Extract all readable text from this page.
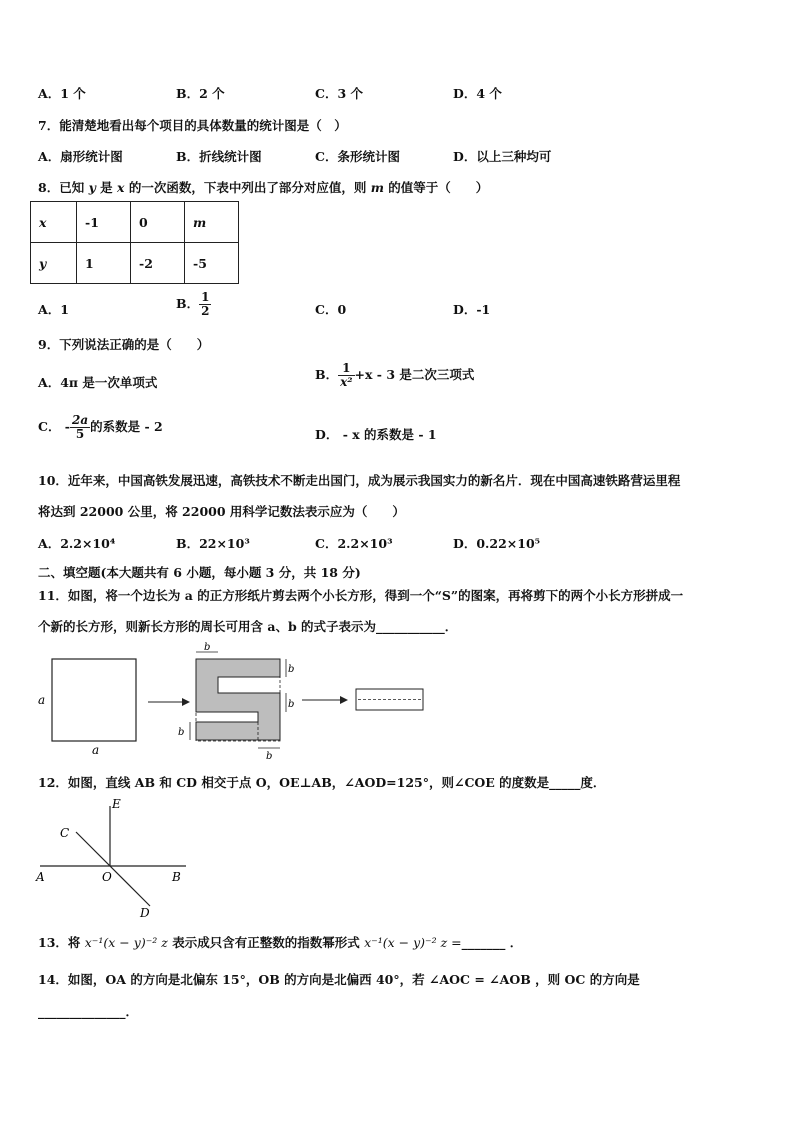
A．1 个	B．2 个	C．3 个	D．4 个
7．能清楚地看出每个项目的具体数量的统计图是（　）
A．扇形统计图	B．折线统计图	C．条形统计图	D．以上三种均可
8．已知 y 是 x 的一次函数，下表中列出了部分对应值，则 m 的值等于（　　）
x	-1	0	m
y	1	-2	-5
A．1	B． $\frac{1}{2}$	C．0	D．-1
9．下列说法正确的是（　　）
A．4π 是一次单项式
B． $\frac{1}{\text{x²}} +x - 3$ 是二次三项式
C． - $\frac{2a}{5}$ 的系数是 - 2
D． - x 的系数是 - 1
10．近年来，中国高铁发展迅速，高铁技术不断走出国门，成为展示我国实力的新名片．现在中国高速铁路营运里程
将达到 22000 公里，将 22000 用科学记数法表示应为（　　）
A．2.2×10⁴	B．22×10³	C．2.2×10³	D．0.22×10⁵
二、填空题(本大题共有 6 小题，每小题 3 分，共 18 分)
11．如图，将一个边长为 a 的正方形纸片剪去两个小长方形，得到一个“S”的图案，再将剪下的两个小长方形拼成一
个新的长方形，则新长方形的周长可用含 a、b 的式子表示为___________．
a
a
b
b
b
b
b
12．如图，直线 AB 和 CD 相交于点 O，OE⊥AB，∠AOD=125°，则∠COE 的度数是_____度．
E
C
A	O	B
D
13．将 x⁻¹(x − y)⁻² z 表示成只含有正整数的指数幂形式 x⁻¹(x − y)⁻² z =_______ ．
14．如图，OA 的方向是北偏东 15°，OB 的方向是北偏西 40°，若 ∠AOC = ∠AOB ，则 OC 的方向是
______________．
